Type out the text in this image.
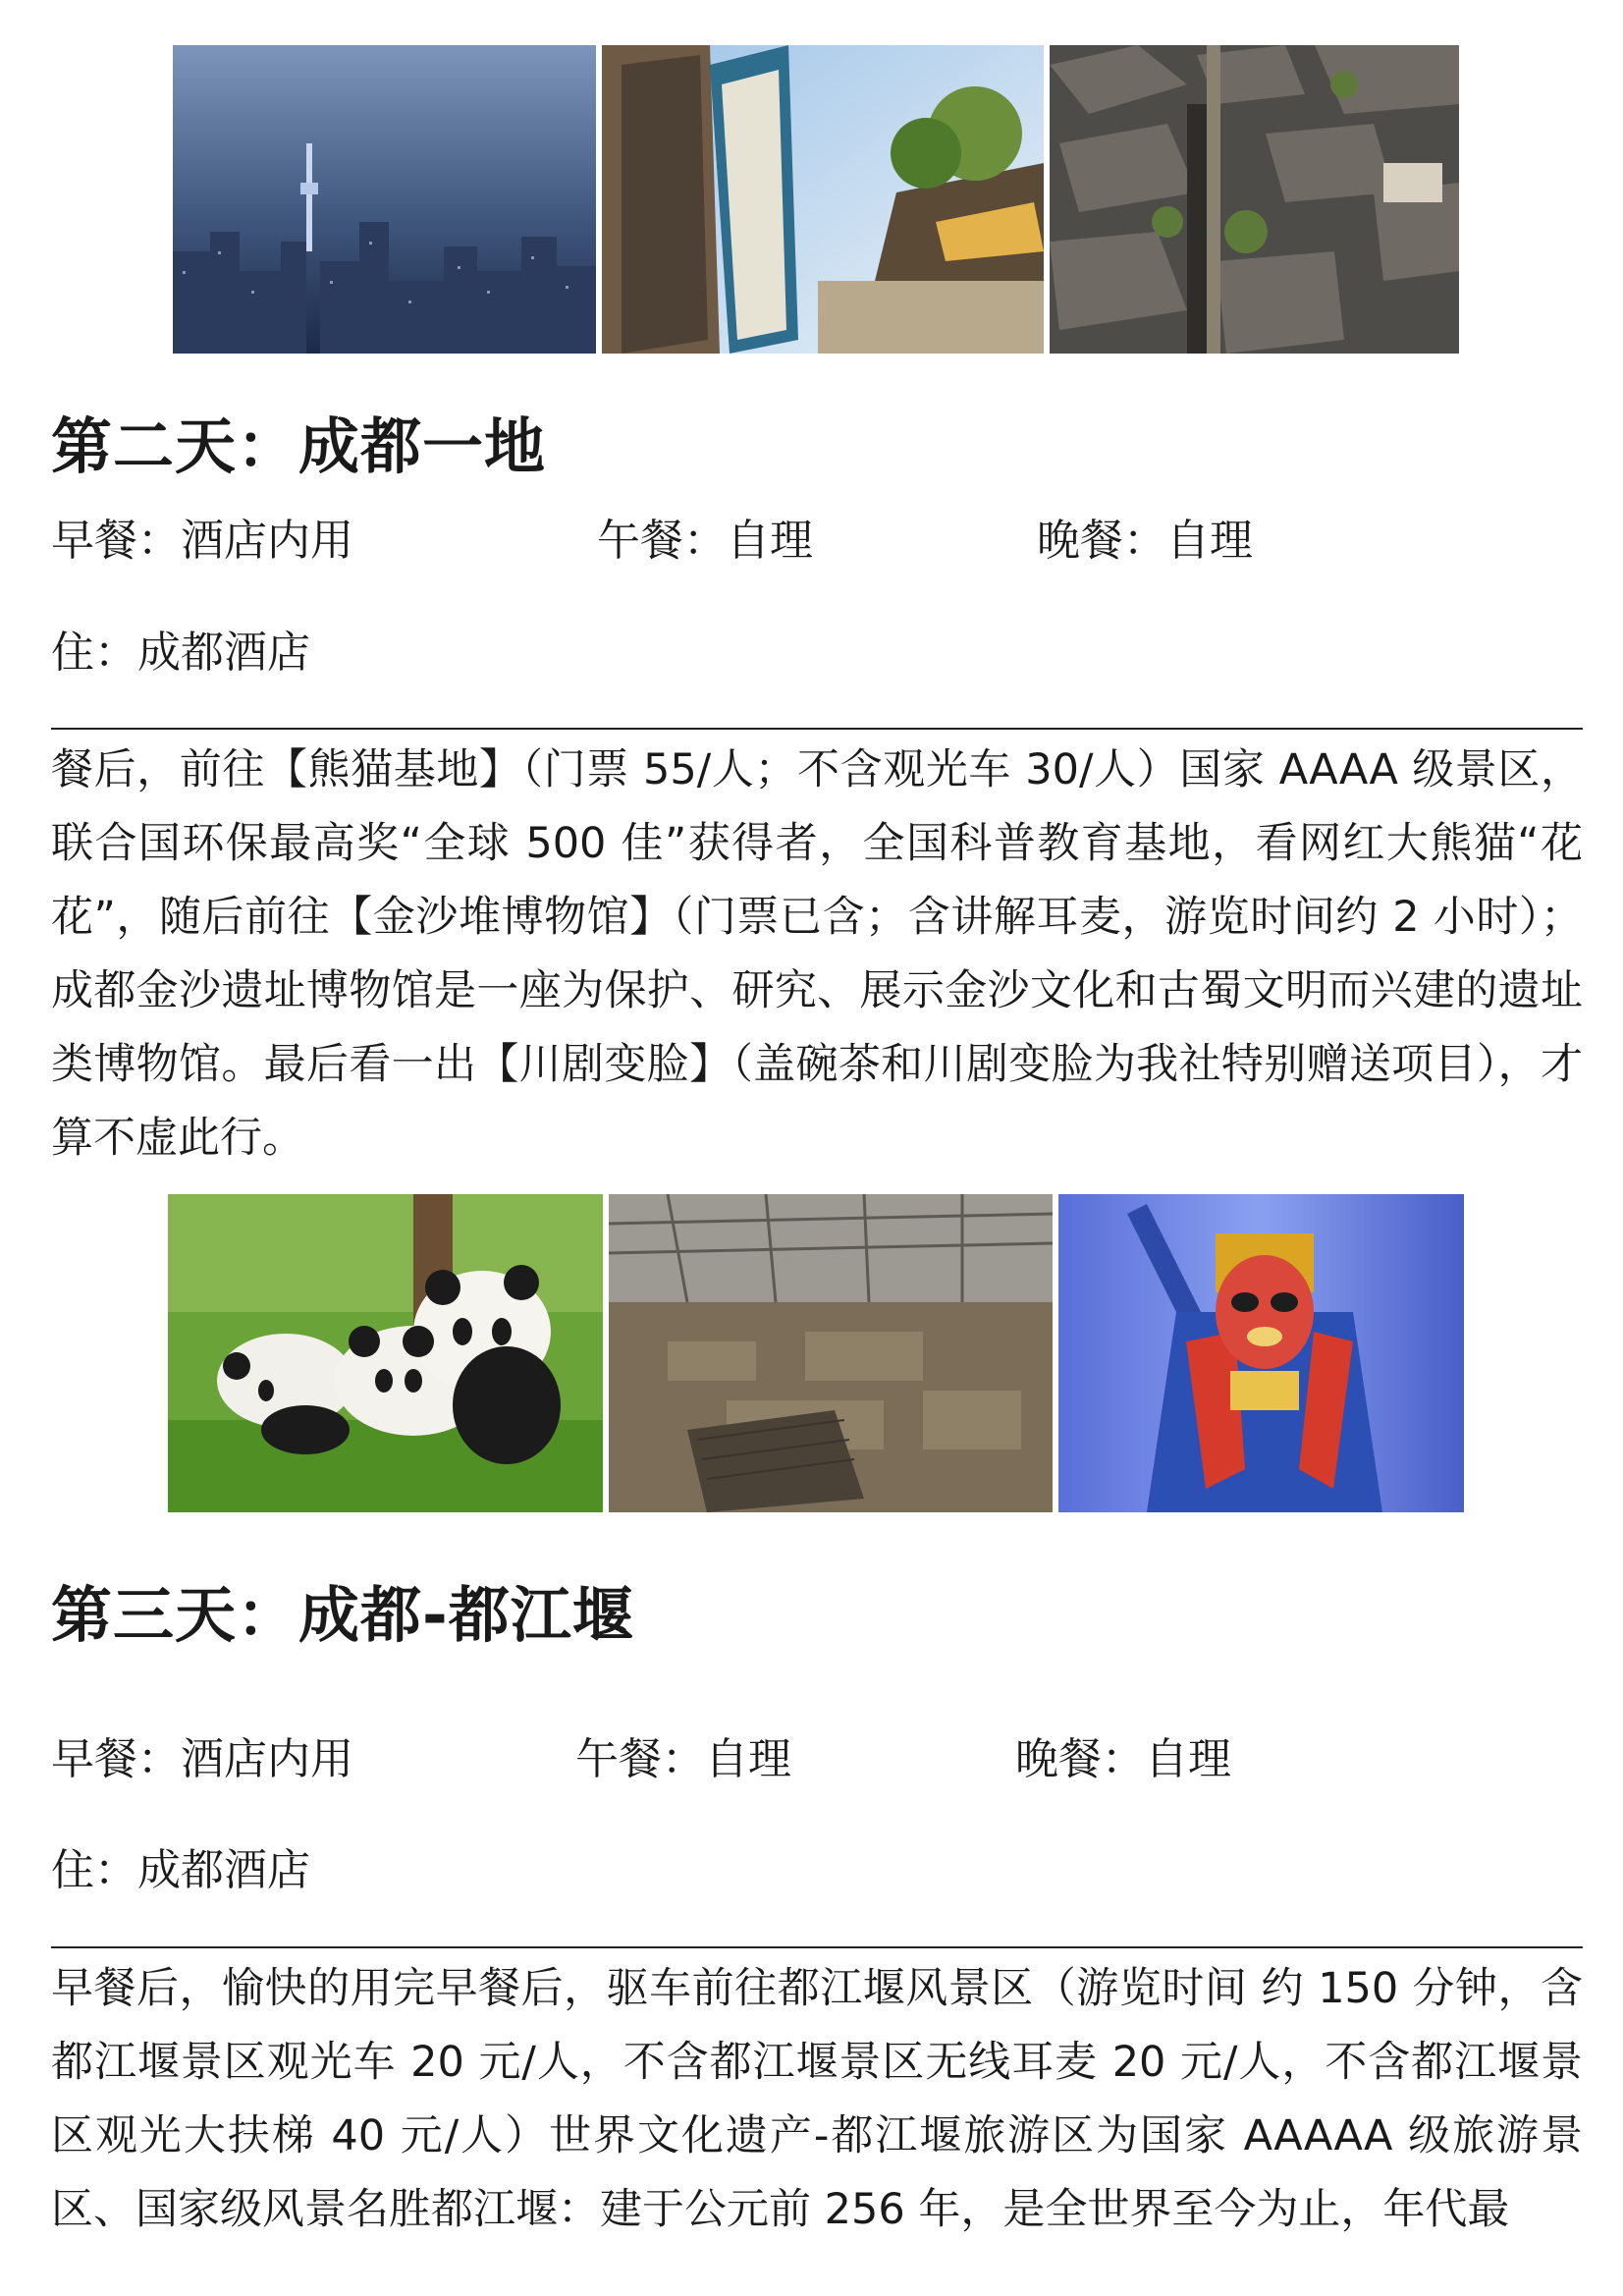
第二天：成都一地
早餐：酒店内用	午餐：自理	晚餐：自理
住：成都酒店

餐后，前往【熊猫基地】（门票 55/人；不含观光车 30/人）国家 AAAA 级景区，联合国环保最高奖“全球 500 佳”获得者，全国科普教育基地，看网红大熊猫“花花”，随后前往【金沙堆博物馆】（门票已含；含讲解耳麦，游览时间约 2 小时）；成都金沙遗址博物馆是一座为保护、研究、展示金沙文化和古蜀文明而兴建的遗址类博物馆。最后看一出【川剧变脸】（盖碗茶和川剧变脸为我社特别赠送项目），才算不虚此行。

第三天：成都-都江堰
早餐：酒店内用	午餐：自理	晚餐：自理
住：成都酒店

早餐后，愉快的用完早餐后，驱车前往都江堰风景区（游览时间 约 150 分钟，含都江堰景区观光车 20 元/人，不含都江堰景区无线耳麦 20 元/人，不含都江堰景区观光大扶梯 40 元/人）世界文化遗产-都江堰旅游区为国家 AAAAA 级旅游景区、国家级风景名胜都江堰：建于公元前 256 年，是全世界至今为止，年代最
